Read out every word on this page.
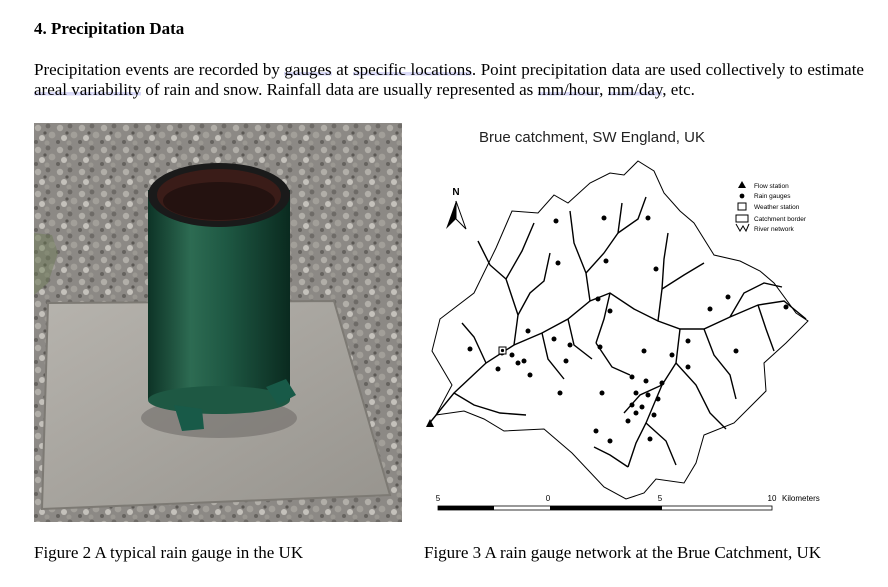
4. Precipitation Data
Precipitation events are recorded by gauges at specific locations. Point precipitation data are used collectively to estimate areal variability of rain and snow. Rainfall data are usually represented as mm/hour, mm/day, etc.
Brue catchment, SW England, UK
N
Flow station
Rain gauges
Weather station
Catchment border
River network
5	0	5	10 Kilometers
Figure 2 A typical rain gauge in the UK	Figure 3 A rain gauge network at the Brue Catchment, UK
